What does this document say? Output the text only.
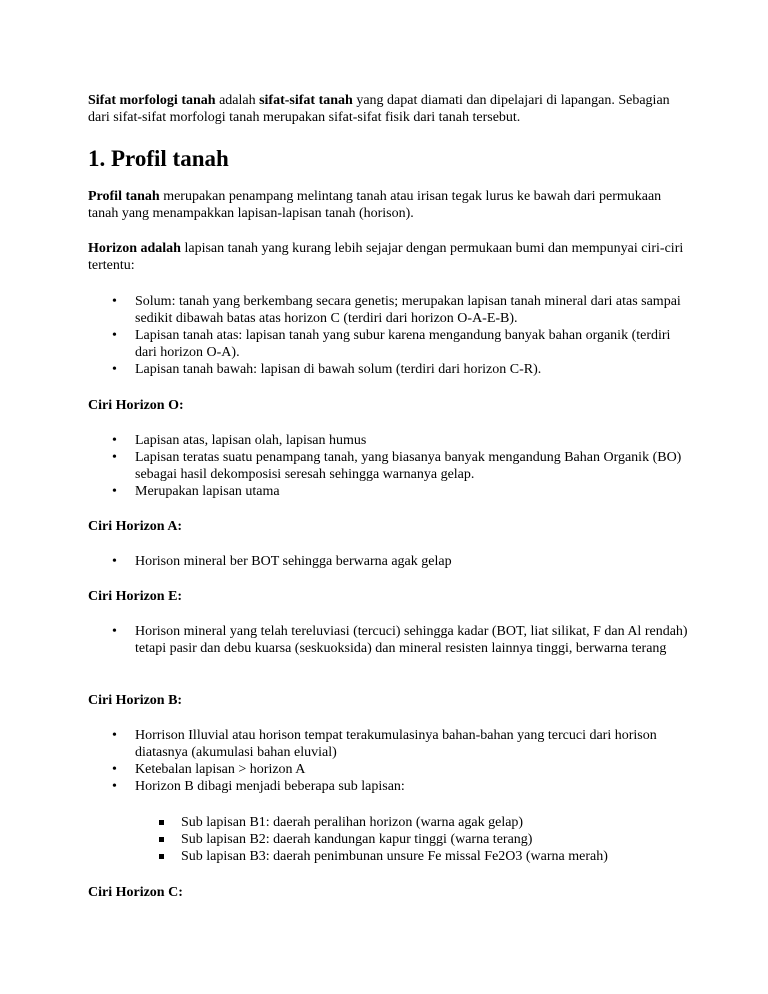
Sifat morfologi tanah adalah sifat-sifat tanah yang dapat diamati dan dipelajari di lapangan. Sebagian dari sifat-sifat morfologi tanah merupakan sifat-sifat fisik dari tanah tersebut.

1. Profil tanah

Profil tanah merupakan penampang melintang tanah atau irisan tegak lurus ke bawah dari permukaan tanah yang menampakkan lapisan-lapisan tanah (horison).

Horizon adalah lapisan tanah yang kurang lebih sejajar dengan permukaan bumi dan mempunyai ciri-ciri tertentu:

• Solum: tanah yang berkembang secara genetis; merupakan lapisan tanah mineral dari atas sampai sedikit dibawah batas atas horizon C (terdiri dari horizon O-A-E-B).
• Lapisan tanah atas: lapisan tanah yang subur karena mengandung banyak bahan organik (terdiri dari horizon O-A).
• Lapisan tanah bawah: lapisan di bawah solum (terdiri dari horizon C-R).
Ciri Horizon O:
• Lapisan atas, lapisan olah, lapisan humus
• Lapisan teratas suatu penampang tanah, yang biasanya banyak mengandung Bahan Organik (BO) sebagai hasil dekomposisi seresah sehingga warnanya gelap.
• Merupakan lapisan utama
Ciri Horizon A:
• Horison mineral ber BOT sehingga berwarna agak gelap
Ciri Horizon E:
• Horison mineral yang telah tereluviasi (tercuci) sehingga kadar (BOT, liat silikat, F dan Al rendah) tetapi pasir dan debu kuarsa (seskuoksida) dan mineral resisten lainnya tinggi, berwarna terang
Ciri Horizon B:
• Horrison Illuvial atau horison tempat terakumulasinya bahan-bahan yang tercuci dari horison diatasnya (akumulasi bahan eluvial)
• Ketebalan lapisan > horizon A
• Horizon B dibagi menjadi beberapa sub lapisan:
Sub lapisan B1: daerah peralihan horizon (warna agak gelap)
Sub lapisan B2: daerah kandungan kapur tinggi (warna terang)
Sub lapisan B3: daerah penimbunan unsure Fe missal Fe2O3 (warna merah)
Ciri Horizon C:
